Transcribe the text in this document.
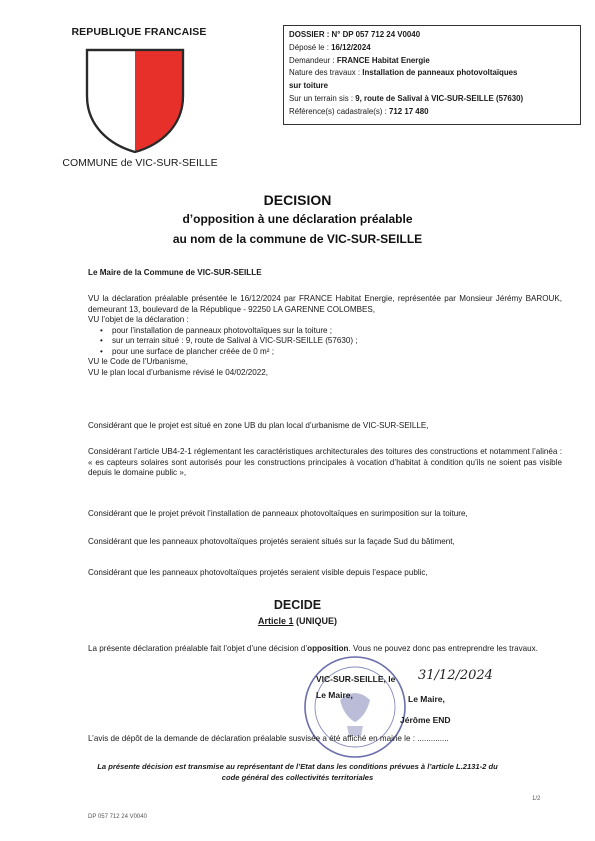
REPUBLIQUE FRANCAISE
COMMUNE de VIC-SUR-SEILLE
DOSSIER : N° DP 057 712 24 V0040
Déposé le : 16/12/2024
Demandeur : FRANCE Habitat Energie
Nature des travaux : Installation de panneaux photovoltaïques
sur toiture
Sur un terrain sis : 9, route de Salival à VIC-SUR-SEILLE (57630)
Référence(s) cadastrale(s) : 712 17 480
DECISION
d’opposition à une déclaration préalable
au nom de la commune de VIC-SUR-SEILLE
Le Maire de la Commune de VIC-SUR-SEILLE
VU la déclaration préalable présentée le 16/12/2024 par FRANCE Habitat Energie, représentée par Monsieur Jérémy BAROUK, demeurant 13, boulevard de la République - 92250 LA GARENNE COLOMBES,
VU l’objet de la déclaration :
• pour l’installation de panneaux photovoltaïques sur la toiture ;
• sur un terrain situé : 9, route de Salival à VIC-SUR-SEILLE (57630) ;
• pour une surface de plancher créée de 0 m² ;
VU le Code de l’Urbanisme,
VU le plan local d’urbanisme révisé le 04/02/2022,
Considérant que le projet est situé en zone UB du plan local d’urbanisme de VIC-SUR-SEILLE,
Considérant l’article UB4-2-1 réglementant les caractéristiques architecturales des toitures des constructions et notamment l’alinéa : « es capteurs solaires sont autorisés pour les constructions principales à vocation d’habitat à condition qu’ils ne soient pas visible depuis le domaine public »,
Considérant que le projet prévoit l’installation de panneaux photovoltaïques en surimposition sur la toiture,
Considérant que les panneaux photovoltaïques projetés seraient situés sur la façade Sud du bâtiment,
Considérant que les panneaux photovoltaïques projetés seraient visible depuis l’espace public,
DECIDE
Article 1 (UNIQUE)
La présente déclaration préalable fait l’objet d’une décision d’opposition. Vous ne pouvez donc pas entreprendre les travaux.
VIC-SUR-SEILLE, le 31/12/2024
Le Maire,	Le Maire,
Jérôme END
L’avis de dépôt de la demande de déclaration préalable susvisée a été affiché en mairie le : ..............
La présente décision est transmise au représentant de l’Etat dans les conditions prévues à l’article L.2131-2 du
code général des collectivités territoriales
DP 057 712 24 V0040
1/2
